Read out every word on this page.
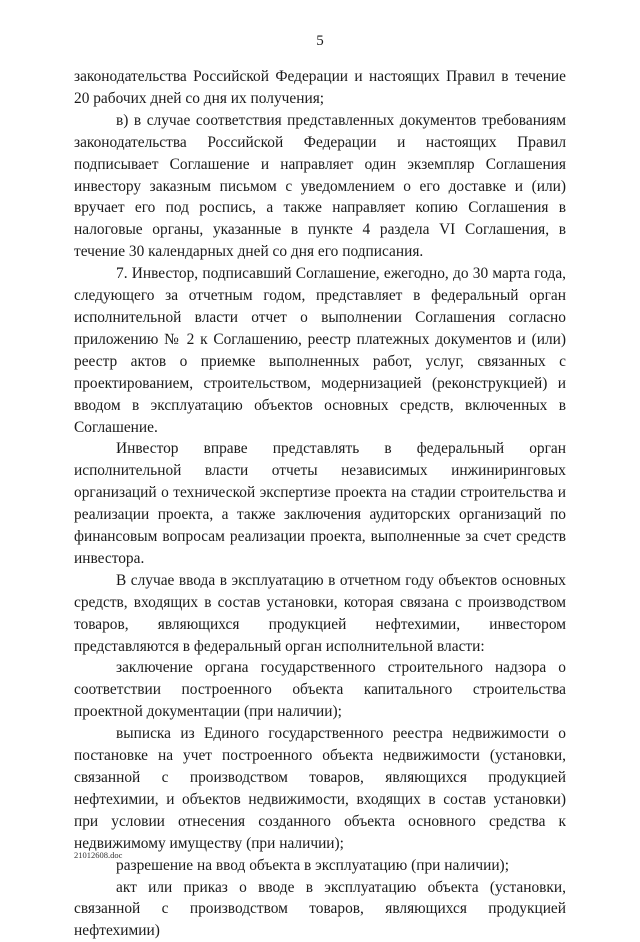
5

законодательства Российской Федерации и настоящих Правил в течение 20 рабочих дней со дня их получения;

в) в случае соответствия представленных документов требованиям законодательства Российской Федерации и настоящих Правил подписывает Соглашение и направляет один экземпляр Соглашения инвестору заказным письмом с уведомлением о его доставке и (или) вручает его под роспись, а также направляет копию Соглашения в налоговые органы, указанные в пункте 4 раздела VI Соглашения, в течение 30 календарных дней со дня его подписания.

7. Инвестор, подписавший Соглашение, ежегодно, до 30 марта года, следующего за отчетным годом, представляет в федеральный орган исполнительной власти отчет о выполнении Соглашения согласно приложению № 2 к Соглашению, реестр платежных документов и (или) реестр актов о приемке выполненных работ, услуг, связанных с проектированием, строительством, модернизацией (реконструкцией) и вводом в эксплуатацию объектов основных средств, включенных в Соглашение.

Инвестор вправе представлять в федеральный орган исполнительной власти отчеты независимых инжиниринговых организаций о технической экспертизе проекта на стадии строительства и реализации проекта, а также заключения аудиторских организаций по финансовым вопросам реализации проекта, выполненные за счет средств инвестора.

В случае ввода в эксплуатацию в отчетном году объектов основных средств, входящих в состав установки, которая связана с производством товаров, являющихся продукцией нефтехимии, инвестором представляются в федеральный орган исполнительной власти:

заключение органа государственного строительного надзора о соответствии построенного объекта капитального строительства проектной документации (при наличии);

выписка из Единого государственного реестра недвижимости о постановке на учет построенного объекта недвижимости (установки, связанной с производством товаров, являющихся продукцией нефтехимии, и объектов недвижимости, входящих в состав установки) при условии отнесения созданного объекта основного средства к недвижимому имуществу (при наличии);

разрешение на ввод объекта в эксплуатацию (при наличии);

акт или приказ о вводе в эксплуатацию объекта (установки, связанной с производством товаров, являющихся продукцией нефтехимии)

21012608.doc
